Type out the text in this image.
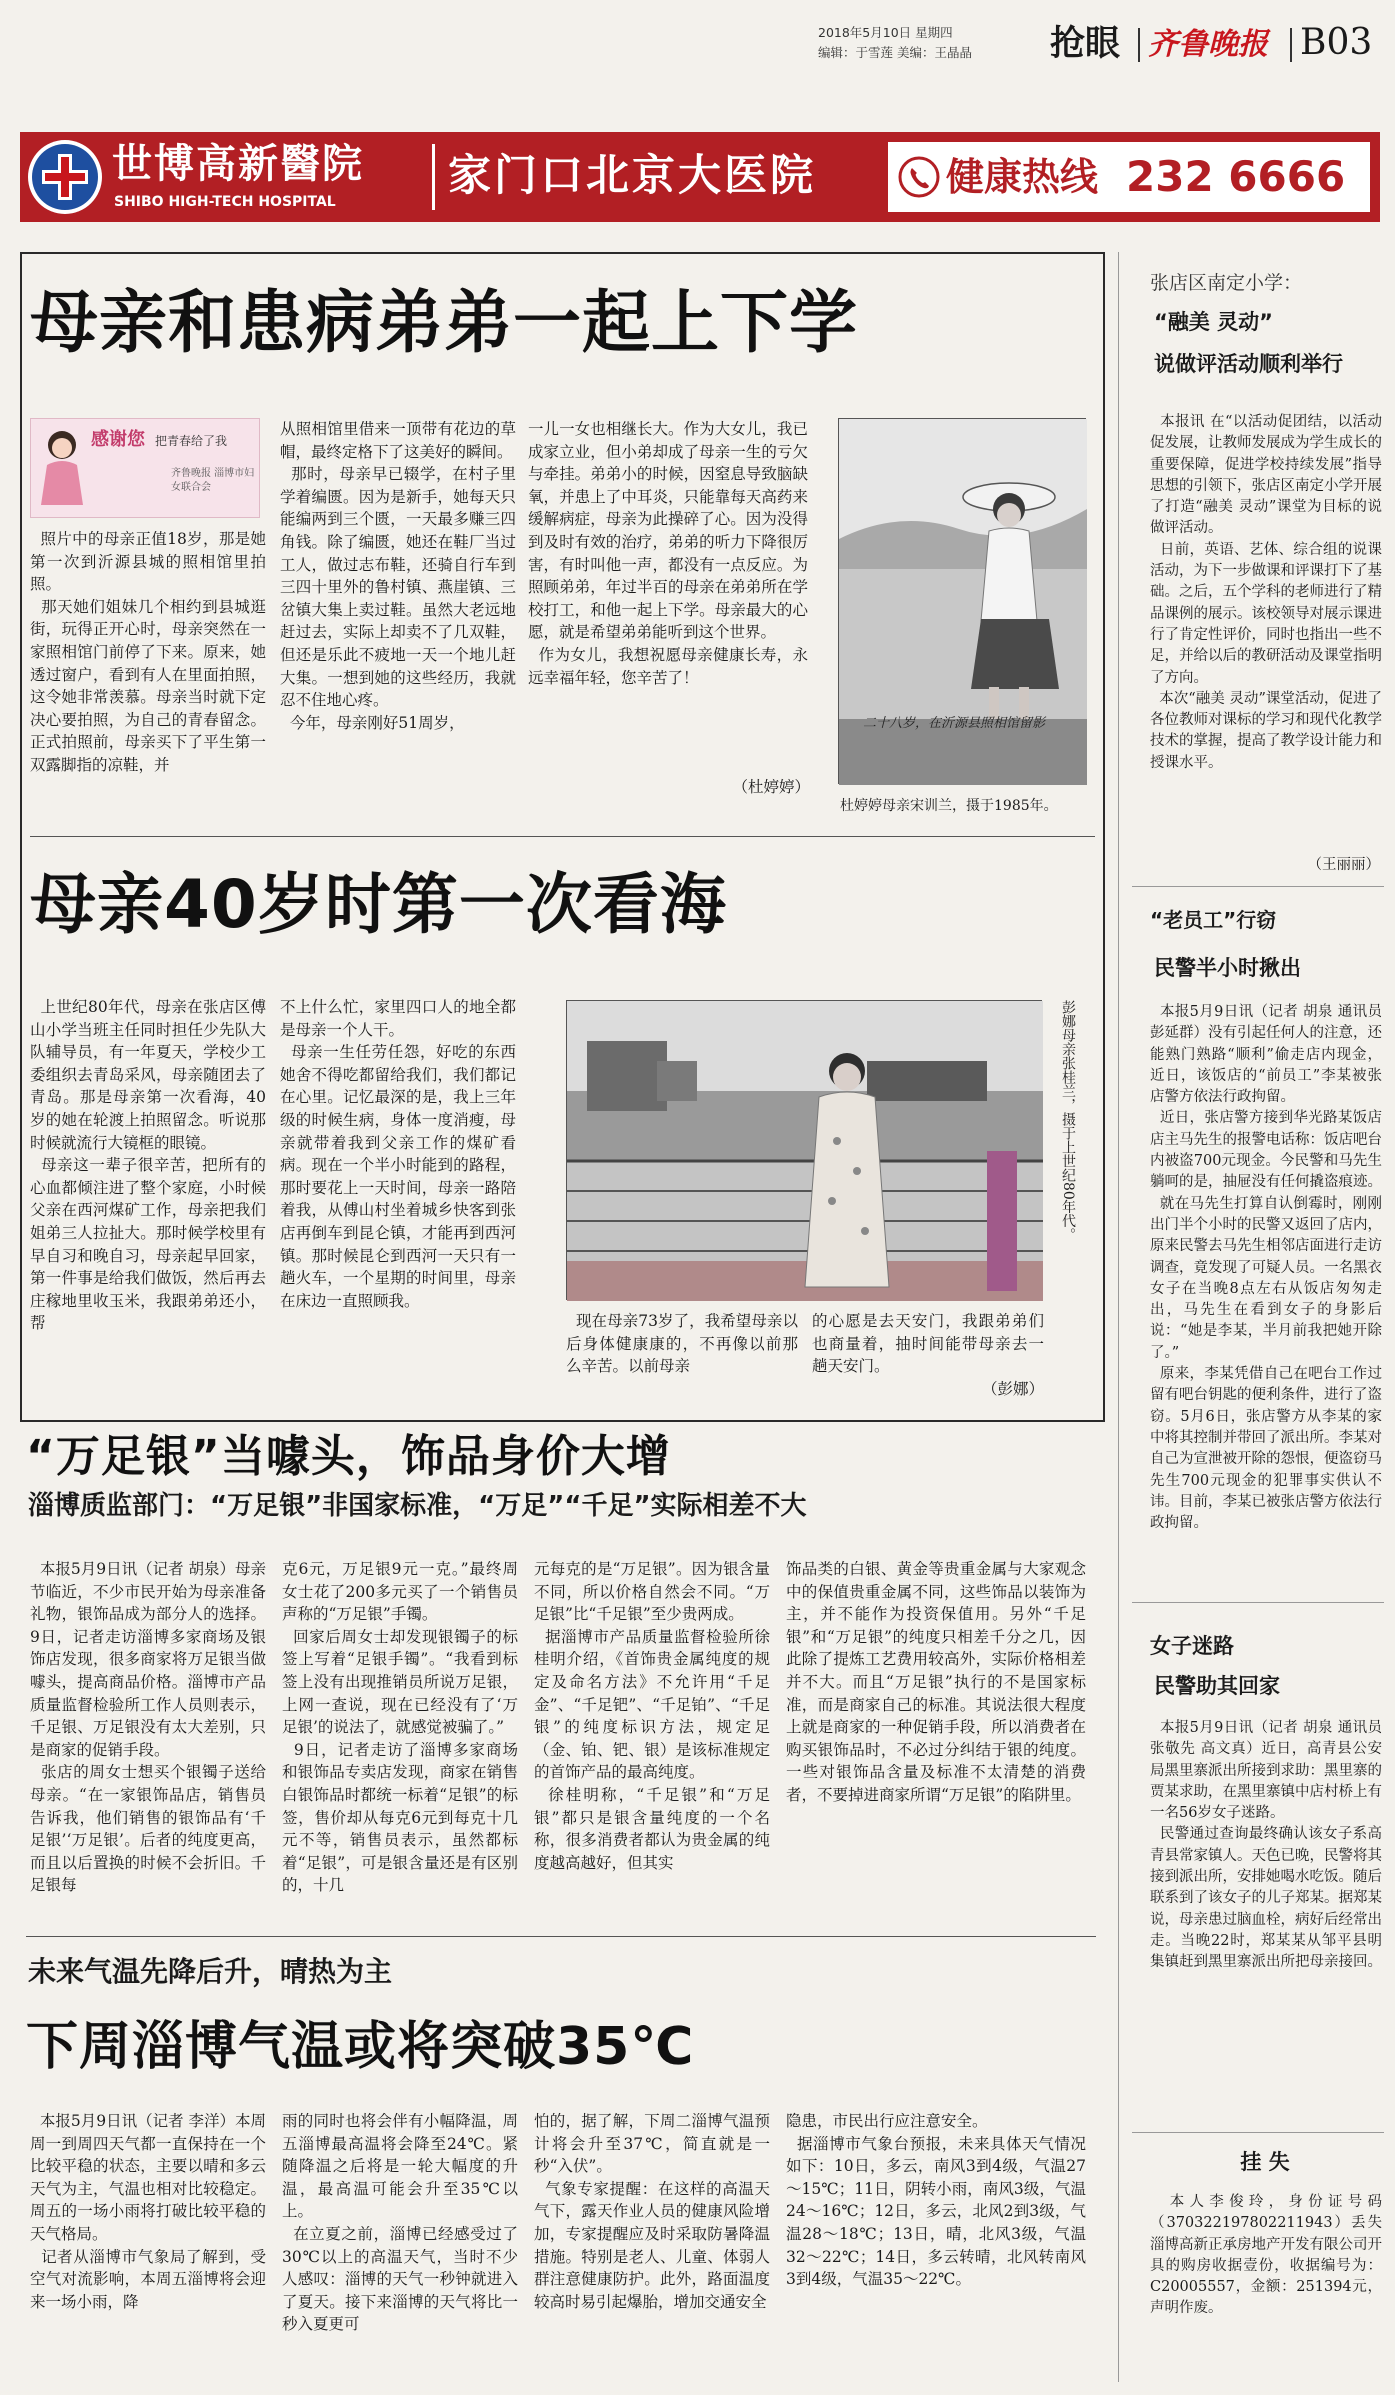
2018年5月10日 星期四
编辑：于雪莲 美编：王晶晶	抢眼 齐鲁晚报 B03
世博高新醫院
SHIBO HIGH-TECH HOSPITAL
家门口北京大医院	健康热线 232 6666
母亲和患病弟弟一起上下学
感谢您 把青春给了我
齐鲁晚报 淄博市妇女联合会
照片中的母亲正值18岁，那是她第一次到沂源县城的照相馆里拍照。
那天她们姐妹几个相约到县城逛街，玩得正开心时，母亲突然在一家照相馆门前停了下来。原来，她透过窗户，看到有人在里面拍照，这令她非常羡慕。母亲当时就下定决心要拍照，为自己的青春留念。正式拍照前，母亲买下了平生第一双露脚指的凉鞋，并
从照相馆里借来一顶带有花边的草帽，最终定格下了这美好的瞬间。
那时，母亲早已辍学，在村子里学着编匮。因为是新手，她每天只能编两到三个匮，一天最多赚三四角钱。除了编匮，她还在鞋厂当过工人，做过志布鞋，还骑自行车到三四十里外的鲁村镇、燕崖镇、三岔镇大集上卖过鞋。虽然大老远地赶过去，实际上却卖不了几双鞋，但还是乐此不疲地一天一个地儿赶大集。一想到她的这些经历，我就忍不住地心疼。
今年，母亲刚好51周岁，
一儿一女也相继长大。作为大女儿，我已成家立业，但小弟却成了母亲一生的亏欠与牵挂。弟弟小的时候，因窒息导致脑缺氧，并患上了中耳炎，只能靠每天高药来缓解病症，母亲为此操碎了心。因为没得到及时有效的治疗，弟弟的听力下降很厉害，有时叫他一声，都没有一点反应。为照顾弟弟，年过半百的母亲在弟弟所在学校打工，和他一起上下学。母亲最大的心愿，就是希望弟弟能听到这个世界。
作为女儿，我想祝愿母亲健康长寿，永远幸福年轻，您辛苦了！
（杜婷婷）
二十八岁，在沂源县照相馆留影
杜婷婷母亲宋训兰，摄于1985年。
母亲40岁时第一次看海
上世纪80年代，母亲在张店区傅山小学当班主任同时担任少先队大队辅导员，有一年夏天，学校少工委组织去青岛采风，母亲随团去了青岛。那是母亲第一次看海，40岁的她在轮渡上拍照留念。听说那时候就流行大镜框的眼镜。
母亲这一辈子很辛苦，把所有的心血都倾注进了整个家庭，小时候父亲在西河煤矿工作，母亲把我们姐弟三人拉扯大。那时候学校里有早自习和晚自习，母亲起早回家，第一件事是给我们做饭，然后再去庄稼地里收玉米，我跟弟弟还小，帮
不上什么忙，家里四口人的地全都是母亲一个人干。
母亲一生任劳任怨，好吃的东西她舍不得吃都留给我们，我们都记在心里。记忆最深的是，我上三年级的时候生病，身体一度消瘦，母亲就带着我到父亲工作的煤矿看病。现在一个半小时能到的路程，那时要花上一天时间，母亲一路陪着我，从傅山村坐着城乡快客到张店再倒车到昆仑镇，才能再到西河镇。那时候昆仑到西河一天只有一趟火车，一个星期的时间里，母亲在床边一直照顾我。
彭娜母亲张桂兰，摄于上世纪80年代。
现在母亲73岁了，我希望母亲以后身体健康康的，不再像以前那么辛苦。以前母亲
的心愿是去天安门，我跟弟弟们也商量着，抽时间能带母亲去一趟天安门。
（彭娜）
“万足银”当噱头，饰品身价大增
淄博质监部门：“万足银”非国家标准，“万足”“千足”实际相差不大
本报5月9日讯（记者 胡泉）母亲节临近，不少市民开始为母亲准备礼物，银饰品成为部分人的选择。9日，记者走访淄博多家商场及银饰店发现，很多商家将万足银当做噱头，提高商品价格。淄博市产品质量监督检验所工作人员则表示，千足银、万足银没有太大差别，只是商家的促销手段。
张店的周女士想买个银镯子送给母亲。“在一家银饰品店，销售员告诉我，他们销售的银饰品有‘千足银’‘万足银’。后者的纯度更高，而且以后置换的时候不会折旧。千足银每
克6元，万足银9元一克。”最终周女士花了200多元买了一个销售员声称的“万足银”手镯。
回家后周女士却发现银镯子的标签上写着“足银手镯”。“我看到标签上没有出现推销员所说万足银，上网一查说，现在已经没有了‘万足银’的说法了，就感觉被骗了。”
9日，记者走访了淄博多家商场和银饰品专卖店发现，商家在销售白银饰品时都统一标着“足银”的标签，售价却从每克6元到每克十几元不等，销售员表示，虽然都标着“足银”，可是银含量还是有区别的，十几
元每克的是“万足银”。因为银含量不同，所以价格自然会不同。“万足银”比“千足银”至少贵两成。
据淄博市产品质量监督检验所徐桂明介绍，《首饰贵金属纯度的规定及命名方法》不允许用“千足金”、“千足钯”、“千足铂”、“千足银”的纯度标识方法，规定足（金、铂、钯、银）是该标准规定的首饰产品的最高纯度。
徐桂明称，“千足银”和“万足银”都只是银含量纯度的一个名称，很多消费者都认为贵金属的纯度越高越好，但其实
饰品类的白银、黄金等贵重金属与大家观念中的保值贵重金属不同，这些饰品以装饰为主，并不能作为投资保值用。另外“千足银”和“万足银”的纯度只相差千分之几，因此除了提炼工艺费用较高外，实际价格相差并不大。而且“万足银”执行的不是国家标准，而是商家自己的标准。其说法很大程度上就是商家的一种促销手段，所以消费者在购买银饰品时，不必过分纠结于银的纯度。一些对银饰品含量及标准不太清楚的消费者，不要掉进商家所谓“万足银”的陷阱里。
未来气温先降后升，晴热为主
下周淄博气温或将突破35℃
本报5月9日讯（记者 李洋）本周周一到周四天气都一直保持在一个比较平稳的状态，主要以晴和多云天气为主，气温也相对比较稳定。周五的一场小雨将打破比较平稳的天气格局。
记者从淄博市气象局了解到，受空气对流影响，本周五淄博将会迎来一场小雨，降
雨的同时也将会伴有小幅降温，周五淄博最高温将会降至24℃。紧随降温之后将是一轮大幅度的升温，最高温可能会升至35℃以上。
在立夏之前，淄博已经感受过了30℃以上的高温天气，当时不少人感叹：淄博的天气一秒钟就进入了夏天。接下来淄博的天气将比一秒入夏更可
怕的，据了解，下周二淄博气温预计将会升至37℃，简直就是一秒“入伏”。
气象专家提醒：在这样的高温天气下，露天作业人员的健康风险增加，专家提醒应及时采取防暑降温措施。特别是老人、儿童、体弱人群注意健康防护。此外，路面温度较高时易引起爆胎，增加交通安全
隐患，市民出行应注意安全。
据淄博市气象台预报，未来具体天气情况如下：10日，多云，南风3到4级，气温27～15℃；11日，阴转小雨，南风3级，气温24～16℃；12日，多云，北风2到3级，气温28～18℃；13日，晴，北风3级，气温32～22℃；14日，多云转晴，北风转南风3到4级，气温35～22℃。
张店区南定小学：
“融美 灵动”
说做评活动顺利举行
本报讯 在“以活动促团结，以活动促发展，让教师发展成为学生成长的重要保障，促进学校持续发展”指导思想的引领下，张店区南定小学开展了打造“融美 灵动”课堂为目标的说做评活动。
日前，英语、艺体、综合组的说课活动，为下一步做课和评课打下了基础。之后，五个学科的老师进行了精品课例的展示。该校领导对展示课进行了肯定性评价，同时也指出一些不足，并给以后的教研活动及课堂指明了方向。
本次“融美 灵动”课堂活动，促进了各位教师对课标的学习和现代化教学技术的掌握，提高了教学设计能力和授课水平。
（王丽丽）
“老员工”行窃
民警半小时揪出
本报5月9日讯（记者 胡泉 通讯员 彭延群）没有引起任何人的注意，还能熟门熟路“顺利”偷走店内现金，近日，该饭店的“前员工”李某被张店警方依法行政拘留。
近日，张店警方接到华光路某饭店店主马先生的报警电话称：饭店吧台内被盗700元现金。今民警和马先生躺呵的是，抽屉没有任何撬盗痕迹。
就在马先生打算自认倒霉时，刚刚出门半个小时的民警又返回了店内，原来民警去马先生相邻店面进行走访调查，竟发现了可疑人员。一名黑衣女子在当晚8点左右从饭店匆匆走出，马先生在看到女子的身影后说：“她是李某，半月前我把她开除了。”
原来，李某凭借自己在吧台工作过留有吧台钥匙的便利条件，进行了盗窃。5月6日，张店警方从李某的家中将其控制并带回了派出所。李某对自己为宣泄被开除的怨恨，便盗窃马先生700元现金的犯罪事实供认不讳。目前，李某已被张店警方依法行政拘留。
女子迷路
民警助其回家
本报5月9日讯（记者 胡泉 通讯员 张敬先 高文真）近日，高青县公安局黑里寨派出所接到求助：黑里寨的贾某求助，在黑里寨镇中店村桥上有一名56岁女子迷路。
民警通过查询最终确认该女子系高青县常家镇人。天色已晚，民警将其接到派出所，安排她喝水吃饭。随后联系到了该女子的儿子郑某。据郑某说，母亲患过脑血栓，病好后经常出走。当晚22时，郑某某从邹平县明集镇赶到黑里寨派出所把母亲接回。
挂 失
本人李俊玲，身份证号码（370322197802211943）丢失淄博高新正承房地产开发有限公司开具的购房收据壹份，收据编号为：C20005557，金额：251394元，声明作废。
